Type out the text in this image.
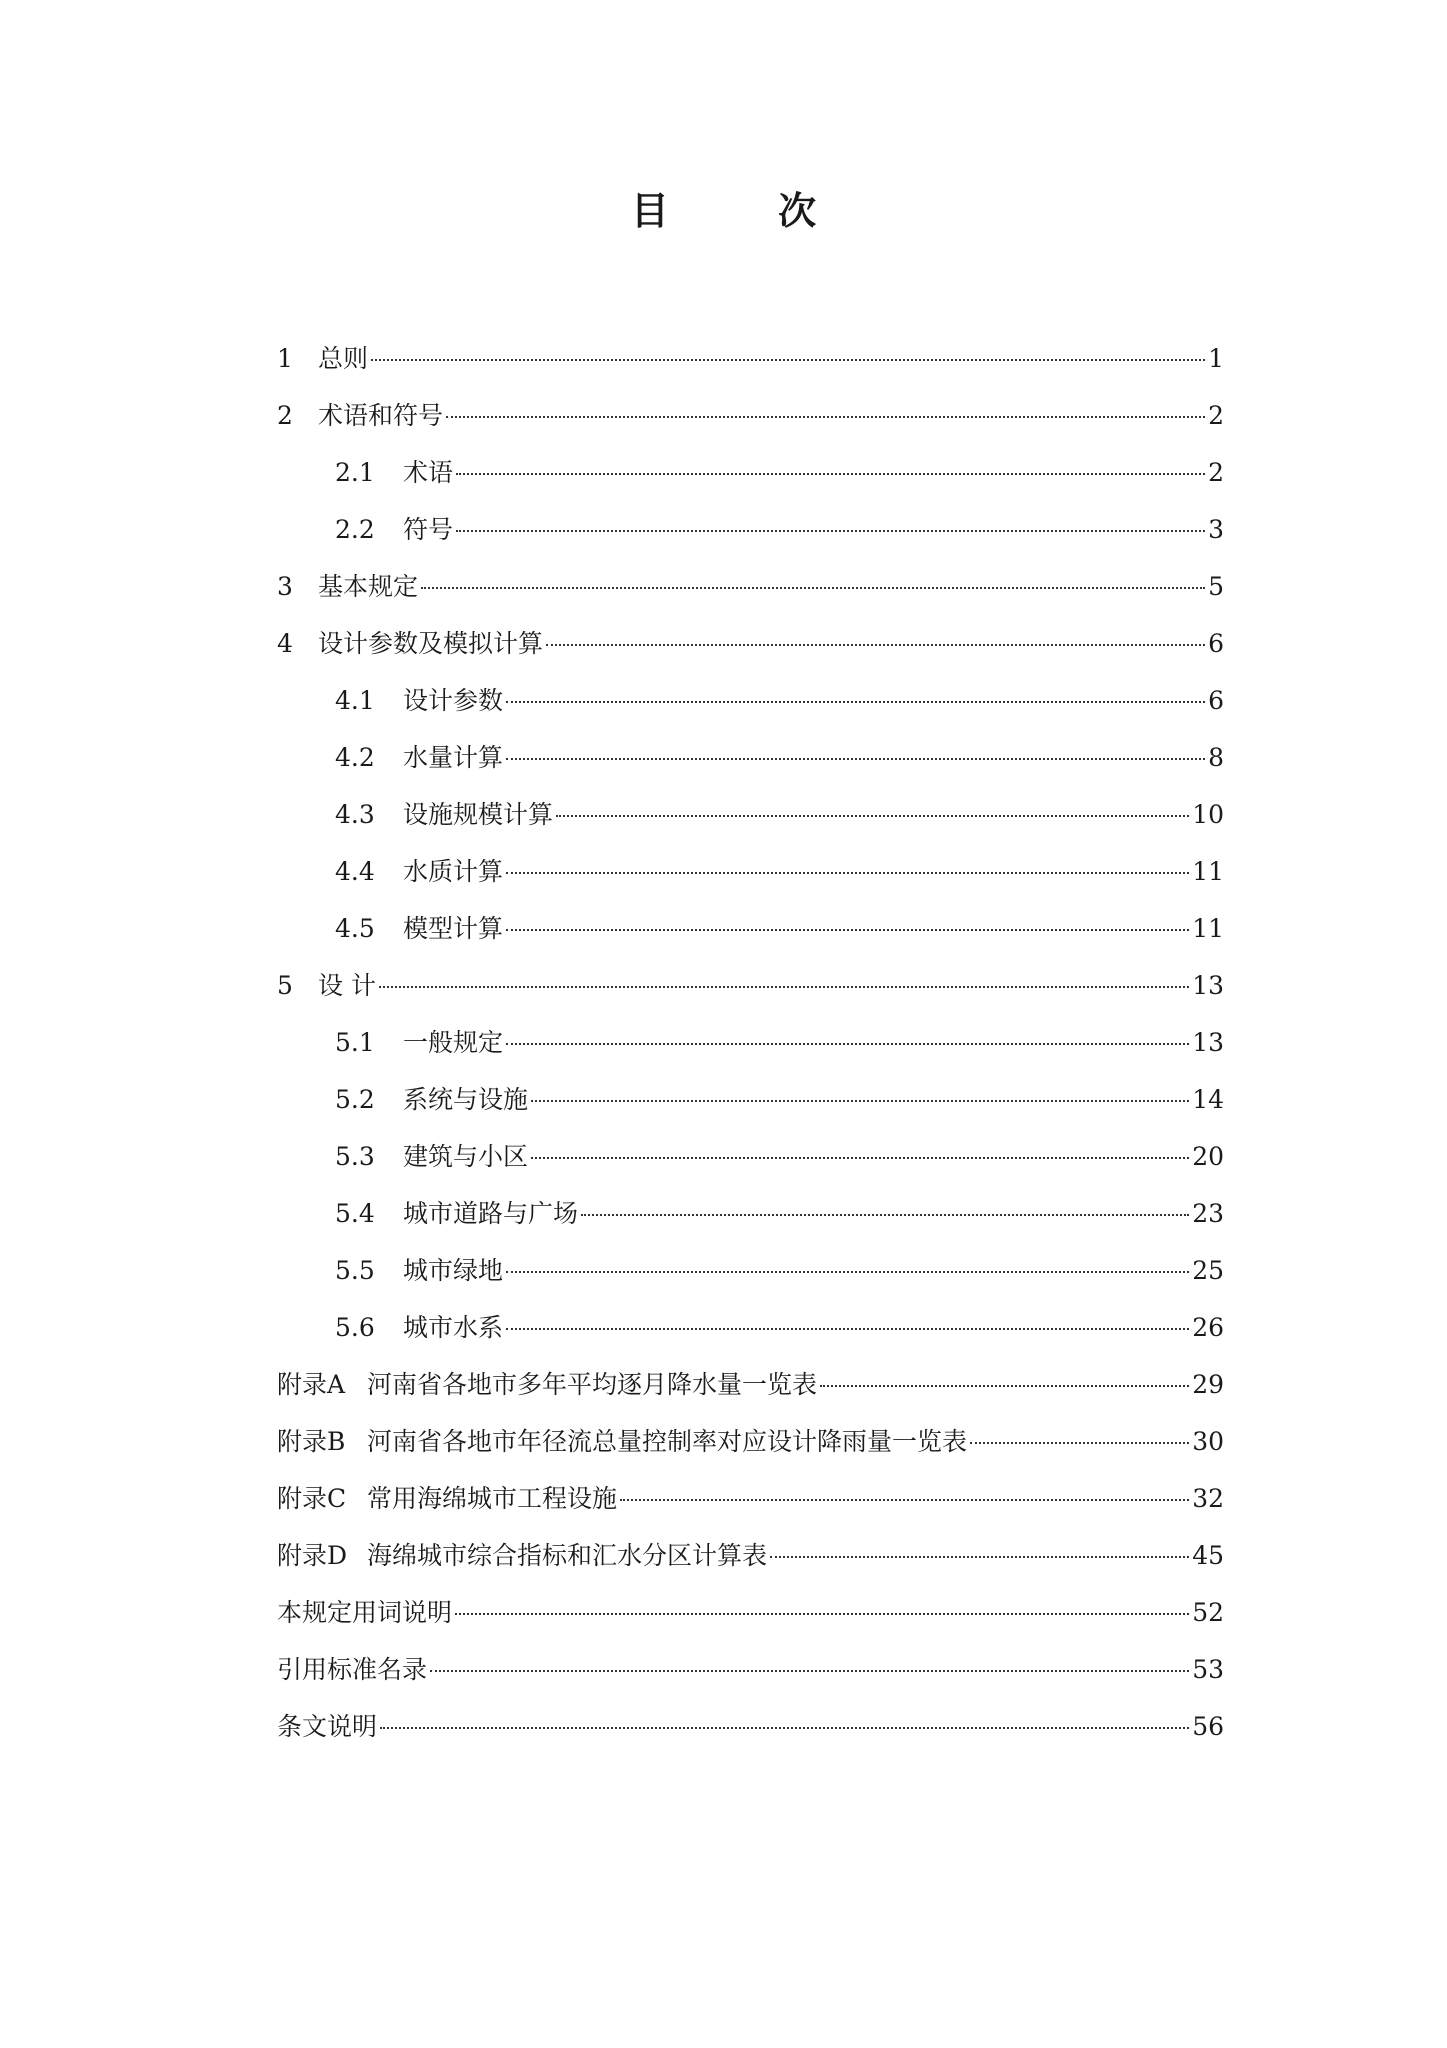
目 次
1	总则	1
2	术语和符号	2
2.1	术语	2
2.2	符号	3
3	基本规定	5
4	设计参数及模拟计算	6
4.1	设计参数	6
4.2	水量计算	8
4.3	设施规模计算	10
4.4	水质计算	11
4.5	模型计算	11
5	设 计	13
5.1	一般规定	13
5.2	系统与设施	14
5.3	建筑与小区	20
5.4	城市道路与广场	23
5.5	城市绿地	25
5.6	城市水系	26
附录A 河南省各地市多年平均逐月降水量一览表	29
附录B 河南省各地市年径流总量控制率对应设计降雨量一览表	30
附录C 常用海绵城市工程设施	32
附录D 海绵城市综合指标和汇水分区计算表	45
本规定用词说明	52
引用标准名录	53
条文说明	56
